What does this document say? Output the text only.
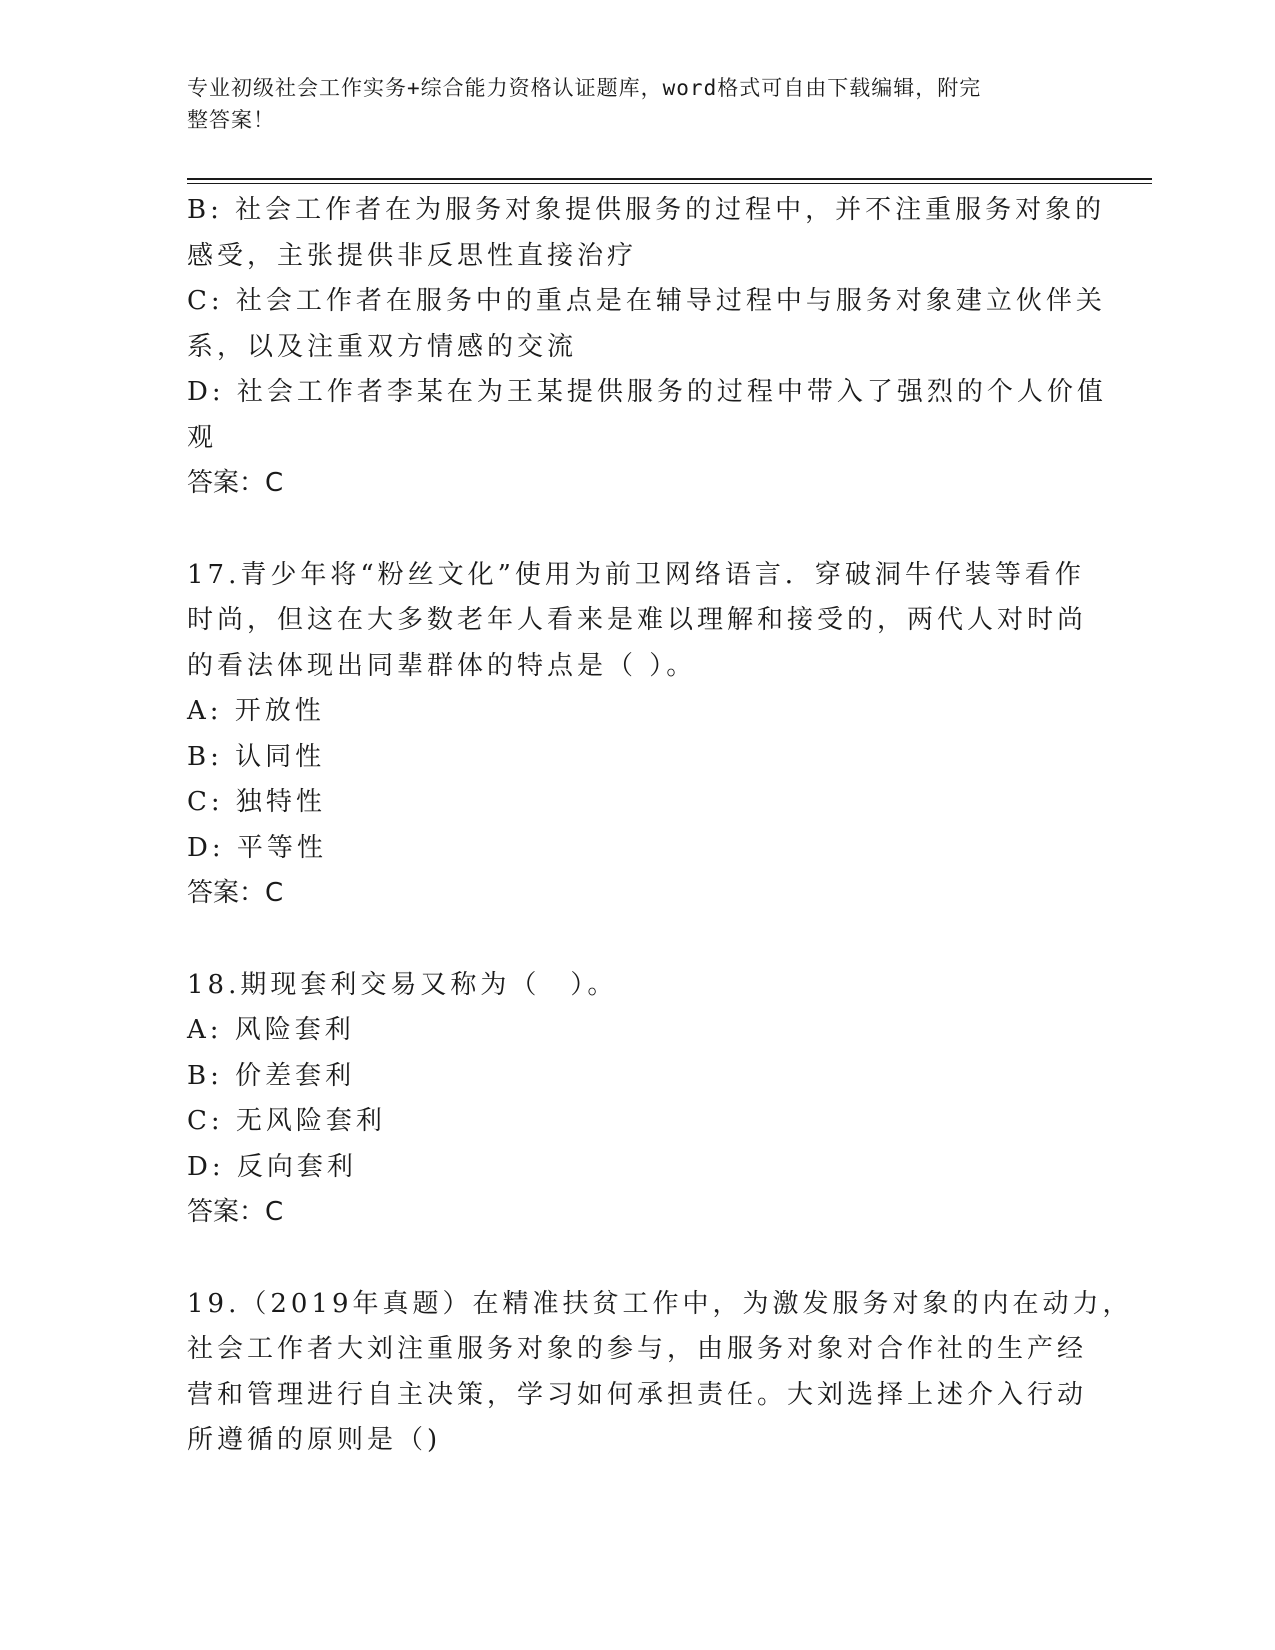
专业初级社会工作实务+综合能力资格认证题库，word格式可自由下载编辑，附完
整答案！
B: 社会工作者在为服务对象提供服务的过程中，并不注重服务对象的
感受，主张提供非反思性直接治疗
C: 社会工作者在服务中的重点是在辅导过程中与服务对象建立伙伴关
系，以及注重双方情感的交流
D: 社会工作者李某在为王某提供服务的过程中带入了强烈的个人价值
观
答案：C
17.青少年将“粉丝文化”使用为前卫网络语言．穿破洞牛仔装等看作
时尚，但这在大多数老年人看来是难以理解和接受的，两代人对时尚
的看法体现出同辈群体的特点是（ ）。
A: 开放性
B: 认同性
C: 独特性
D: 平等性
答案：C
18.期现套利交易又称为（　）。
A: 风险套利
B: 价差套利
C: 无风险套利
D: 反向套利
答案：C
19.（2019年真题）在精准扶贫工作中，为激发服务对象的内在动力，
社会工作者大刘注重服务对象的参与，由服务对象对合作社的生产经
营和管理进行自主决策，学习如何承担责任。大刘选择上述介入行动
所遵循的原则是（)
